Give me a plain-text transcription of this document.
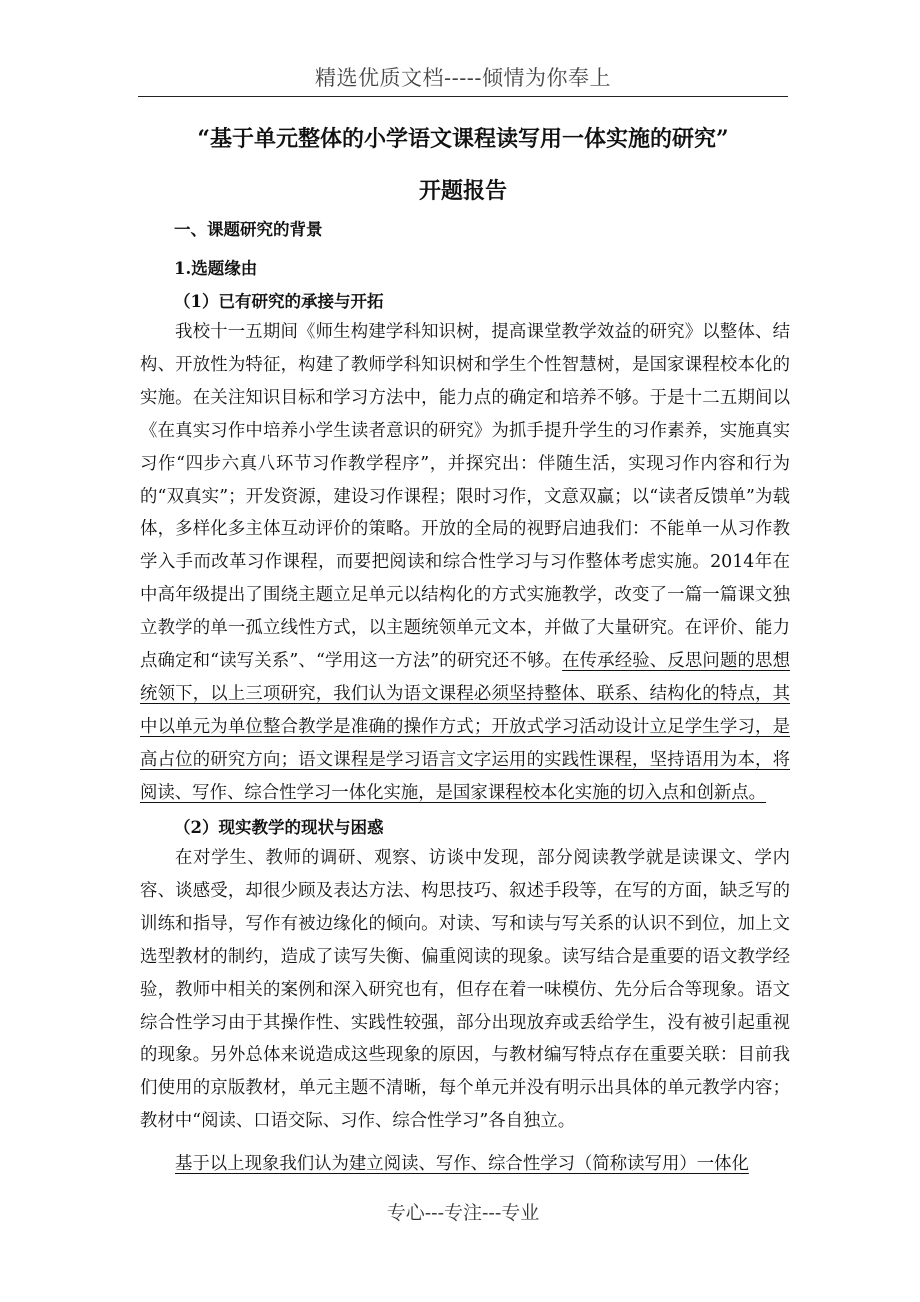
精选优质文档-----倾情为你奉上
“基于单元整体的小学语文课程读写用一体实施的研究”
开题报告
一、课题研究的背景
1.选题缘由
（1）已有研究的承接与开拓

我校十一五期间《师生构建学科知识树，提高课堂教学效益的研究》以整体、结构、开放性为特征，构建了教师学科知识树和学生个性智慧树，是国家课程校本化的实施。在关注知识目标和学习方法中，能力点的确定和培养不够。于是十二五期间以《在真实习作中培养小学生读者意识的研究》为抓手提升学生的习作素养，实施真实习作“四步六真八环节习作教学程序”，并探究出：伴随生活，实现习作内容和行为的“双真实”；开发资源，建设习作课程；限时习作，文意双赢；以“读者反馈单”为载体，多样化多主体互动评价的策略。开放的全局的视野启迪我们：不能单一从习作教学入手而改革习作课程，而要把阅读和综合性学习与习作整体考虑实施。2014年在中高年级提出了围绕主题立足单元以结构化的方式实施教学，改变了一篇一篇课文独立教学的单一孤立线性方式，以主题统领单元文本，并做了大量研究。在评价、能力点确定和“读写关系”、“学用这一方法”的研究还不够。在传承经验、反思问题的思想统领下，以上三项研究，我们认为语文课程必须坚持整体、联系、结构化的特点，其中以单元为单位整合教学是准确的操作方式；开放式学习活动设计立足学生学习，是高占位的研究方向；语文课程是学习语言文字运用的实践性课程，坚持语用为本，将阅读、写作、综合性学习一体化实施，是国家课程校本化实施的切入点和创新点。

（2）现实教学的现状与困惑

在对学生、教师的调研、观察、访谈中发现，部分阅读教学就是读课文、学内容、谈感受，却很少顾及表达方法、构思技巧、叙述手段等，在写的方面，缺乏写的训练和指导，写作有被边缘化的倾向。对读、写和读与写关系的认识不到位，加上文选型教材的制约，造成了读写失衡、偏重阅读的现象。读写结合是重要的语文教学经验，教师中相关的案例和深入研究也有，但存在着一味模仿、先分后合等现象。语文综合性学习由于其操作性、实践性较强，部分出现放弃或丢给学生，没有被引起重视的现象。另外总体来说造成这些现象的原因，与教材编写特点存在重要关联：目前我们使用的京版教材，单元主题不清晰，每个单元并没有明示出具体的单元教学内容；教材中“阅读、口语交际、习作、综合性学习”各自独立。

基于以上现象我们认为建立阅读、写作、综合性学习（简称读写用）一体化

专心---专注---专业
